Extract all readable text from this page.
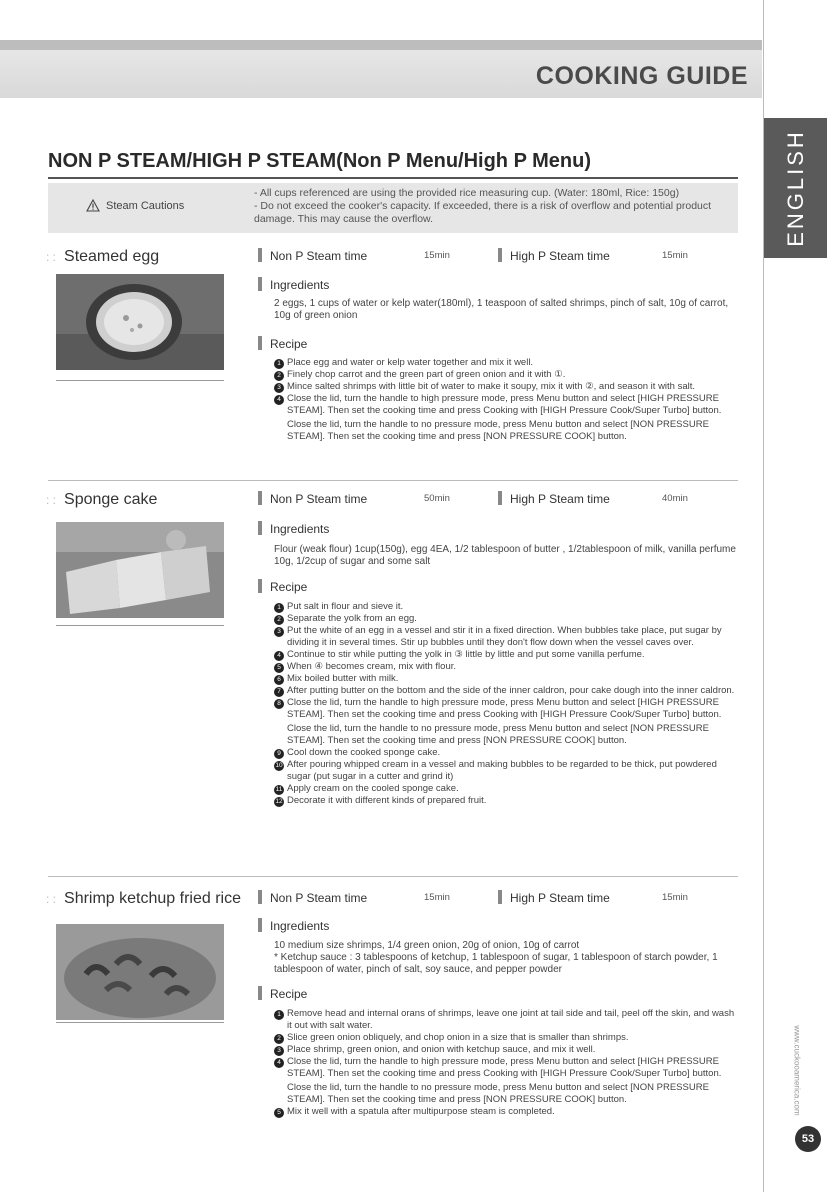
COOKING GUIDE
ENGLISH
NON P STEAM/HIGH P STEAM(Non P Menu/High P Menu)
Steam Cautions
- All cups referenced are using the provided rice measuring cup. (Water: 180ml, Rice: 150g)
- Do not exceed the cooker's capacity. If exceeded, there is a risk of overflow and potential product damage. This may cause the overflow.
: : Steamed egg	Non P Steam time	15min	High P Steam time	15min
Ingredients
2 eggs, 1 cups of water or kelp water(180ml), 1 teaspoon of salted shrimps, pinch of salt, 10g of carrot, 10g of green onion
Recipe
1 Place egg and water or kelp water together and mix it well.
2 Finely chop carrot and the green part of green onion and it with ①.
3 Mince salted shrimps with little bit of water to make it soupy, mix it with ②, and season it with salt.
4 Close the lid, turn the handle to high pressure mode, press Menu button and select [HIGH PRESSURE STEAM]. Then set the cooking time and press Cooking with [HIGH Pressure Cook/Super Turbo] button.
Close the lid, turn the handle to no pressure mode, press Menu button and select [NON PRESSURE STEAM]. Then set the cooking time and press [NON PRESSURE COOK] button.
: : Sponge cake	Non P Steam time	50min	High P Steam time	40min
Ingredients
Flour (weak flour) 1cup(150g), egg 4EA, 1/2 tablespoon of butter , 1/2tablespoon of milk, vanilla perfume 10g, 1/2cup of sugar and some salt
Recipe
1 Put salt in flour and sieve it.
2 Separate the yolk from an egg.
3 Put the white of an egg in a vessel and stir it in a fixed direction. When bubbles take place, put sugar by dividing it in several times. Stir up bubbles until they don't flow down when the vessel caves over.
4 Continue to stir while putting the yolk in ③ little by little and put some vanilla perfume.
5 When ④ becomes cream, mix with flour.
6 Mix boiled butter with milk.
7 After putting butter on the bottom and the side of the inner caldron, pour cake dough into the inner caldron.
8 Close the lid, turn the handle to high pressure mode, press Menu button and select [HIGH PRESSURE STEAM]. Then set the cooking time and press Cooking with [HIGH Pressure Cook/Super Turbo] button.
Close the lid, turn the handle to no pressure mode, press Menu button and select [NON PRESSURE STEAM]. Then set the cooking time and press [NON PRESSURE COOK] button.
9 Cool down the cooked sponge cake.
10 After pouring whipped cream in a vessel and making bubbles to be regarded to be thick, put powdered sugar (put sugar in a cutter and grind it)
11 Apply cream on the cooled sponge cake.
12 Decorate it with different kinds of prepared fruit.
: : Shrimp ketchup fried rice	Non P Steam time	15min	High P Steam time	15min
Ingredients
10 medium size shrimps, 1/4 green onion, 20g of onion, 10g of carrot
* Ketchup sauce : 3 tablespoons of ketchup, 1 tablespoon of sugar, 1 tablespoon of starch powder, 1 tablespoon of water, pinch of salt, soy sauce, and pepper powder
Recipe
1 Remove head and internal orans of shrimps, leave one joint at tail side and tail, peel off the skin, and wash it out with salt water.
2 Slice green onion obliquely, and chop onion in a size that is smaller than shrimps.
3 Place shrimp, green onion, and onion with ketchup sauce, and mix it well.
4 Close the lid, turn the handle to high pressure mode, press Menu button and select [HIGH PRESSURE STEAM]. Then set the cooking time and press Cooking with [HIGH Pressure Cook/Super Turbo] button.
Close the lid, turn the handle to no pressure mode, press Menu button and select [NON PRESSURE STEAM]. Then set the cooking time and press [NON PRESSURE COOK] button.
5 Mix it well with a spatula after multipurpose steam is completed.	www.cuckooamerica.com
53
